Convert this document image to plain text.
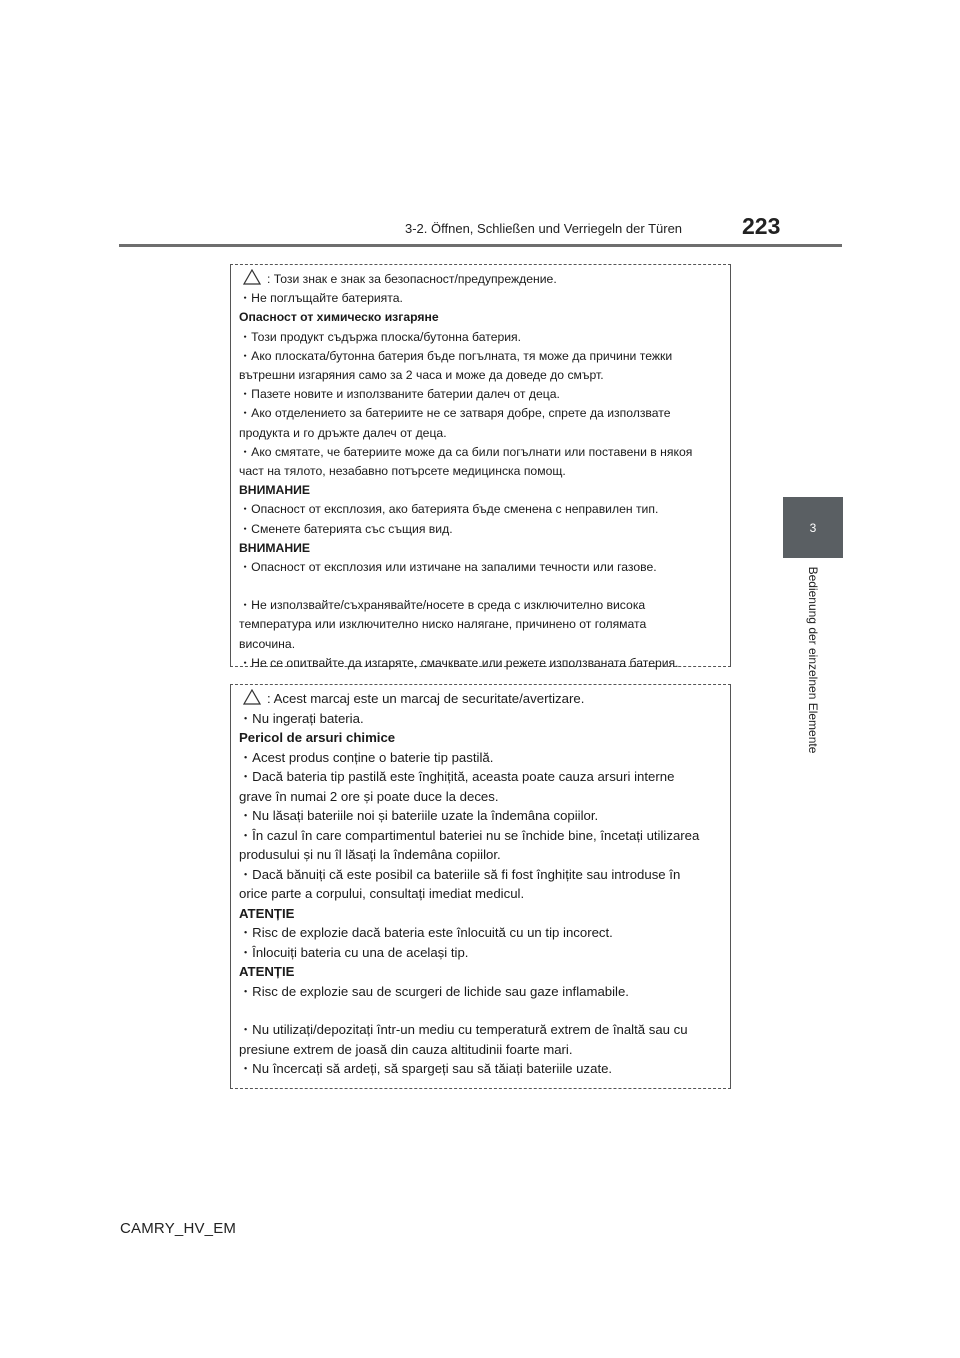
3-2. Öffnen, Schließen und Verriegeln der Türen	223
3
Bedienung der einzelnen Elemente
: Този знак е знак за безопасност/предупреждение.
・Не поглъщайте батерията.
Опасност от химическо изгаряне
・Този продукт съдържа плоска/бутонна батерия.
・Ако плоската/бутонна батерия бъде погълната, тя може да причини тежки
вътрешни изгаряния само за 2 часа и може да доведе до смърт.
・Пазете новите и използваните батерии далеч от деца.
・Ако отделението за батериите не се затваря добре, спрете да използвате
продукта и го дръжте далеч от деца.
・Ако смятате, че батериите може да са били погълнати или поставени в някоя
част на тялото, незабавно потърсете медицинска помощ.
ВНИМАНИЕ
・Опасност от експлозия, ако батерията бъде сменена с неправилен тип.
・Сменете батерията със същия вид.
ВНИМАНИЕ
・Опасност от експлозия или изтичане на запалими течности или газове.
・Не използвайте/съхранявайте/носете в среда с изключително висока
температура или изключително ниско налягане, причинено от голямата
височина.
・Не се опитвайте да изгаряте, смачквате или режете използваната батерия.
: Acest marcaj este un marcaj de securitate/avertizare.
・Nu ingerați bateria.
Pericol de arsuri chimice
・Acest produs conține o baterie tip pastilă.
・Dacă bateria tip pastilă este înghițită, aceasta poate cauza arsuri interne
grave în numai 2 ore și poate duce la deces.
・Nu lăsați bateriile noi și bateriile uzate la îndemâna copiilor.
・În cazul în care compartimentul bateriei nu se închide bine, încetați utilizarea
produsului și nu îl lăsați la îndemâna copiilor.
・Dacă bănuiți că este posibil ca bateriile să fi fost înghițite sau introduse în
orice parte a corpului, consultați imediat medicul.
ATENȚIE
・Risc de explozie dacă bateria este înlocuită cu un tip incorect.
・Înlocuiți bateria cu una de același tip.
ATENȚIE
・Risc de explozie sau de scurgeri de lichide sau gaze inflamabile.
・Nu utilizați/depozitați într-un mediu cu temperatură extrem de înaltă sau cu
presiune extrem de joasă din cauza altitudinii foarte mari.
・Nu încercați să ardeți, să spargeți sau să tăiați bateriile uzate.
CAMRY_HV_EM
